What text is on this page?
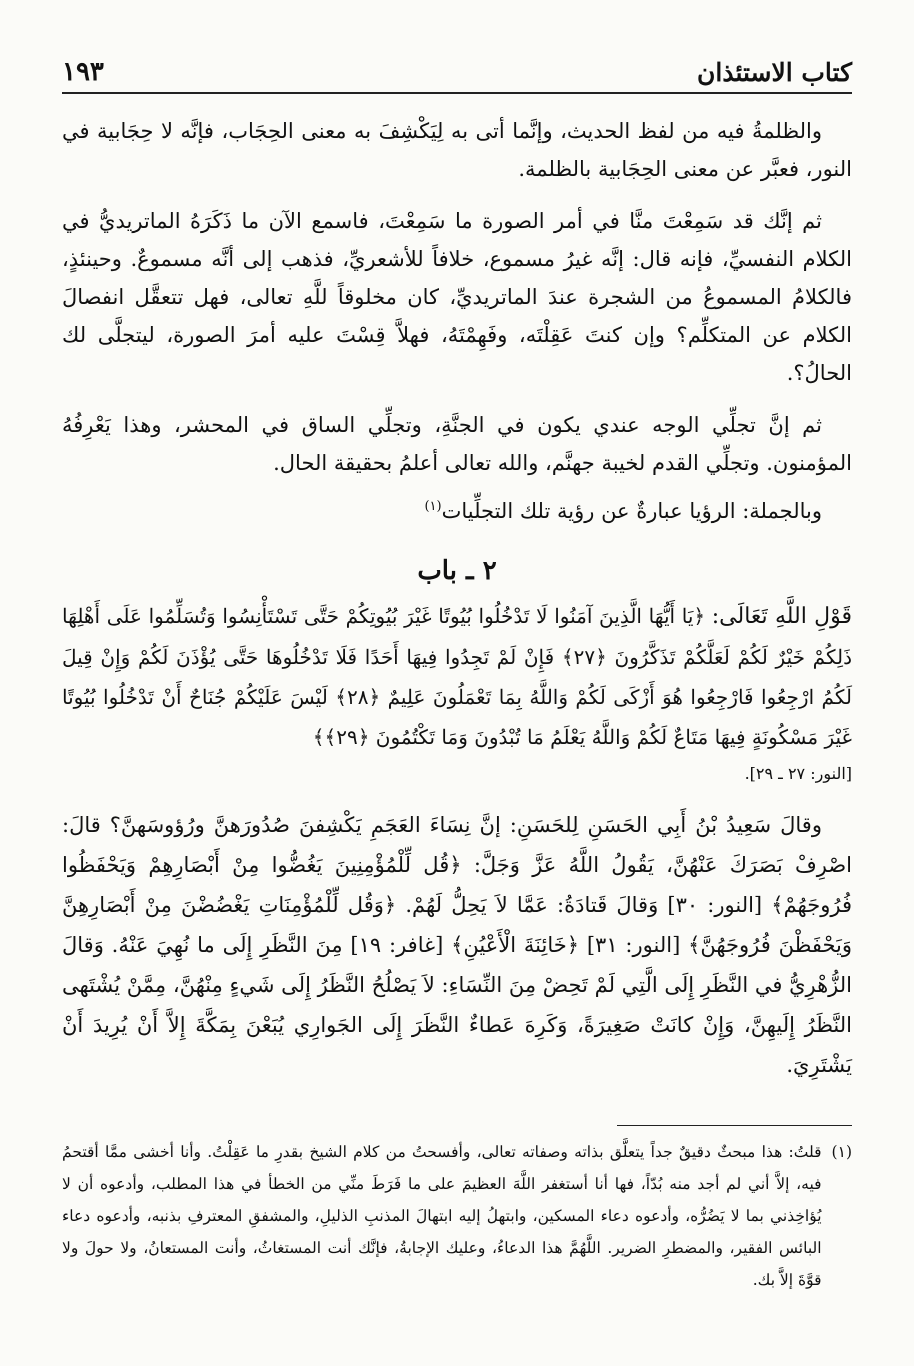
١٩٣	كتاب الاستئذان

والظلمةُ فيه من لفظ الحديث، وإنَّما أتى به لِيَكْشِفَ به معنى الحِجَاب، فإنَّه لا حِجَابية في النور، فعبَّر عن معنى الحِجَابية بالظلمة.

ثم إنَّك قد سَمِعْتَ منَّا في أمر الصورة ما سَمِعْتَ، فاسمع الآن ما ذَكَرَهُ الماتريديُّ في الكلام النفسيِّ، فإنه قال: إنَّه غيرُ مسموع، خلافاً للأشعريِّ، فذهب إلى أنَّه مسموعٌ. وحينئذٍ، فالكلامُ المسموعُ من الشجرة عندَ الماتريديِّ، كان مخلوقاً للَّهِ تعالى، فهل تتعقَّل انفصالَ الكلام عن المتكلِّم؟ وإن كنتَ عَقِلْتَه، وفَهِمْتَهُ، فهلاَّ قِسْتَ عليه أمرَ الصورة، ليتجلَّى لك الحالُ؟.

ثم إنَّ تجلِّي الوجه عندي يكون في الجنَّةِ، وتجلِّي الساق في المحشر، وهذا يَعْرِفُهُ المؤمنون. وتجلِّي القدم لخيبة جهنَّم، والله تعالى أعلمُ بحقيقة الحال.

وبالجملة: الرؤيا عبارةٌ عن رؤية تلك التجلِّيات$^{(١)}$

٢ ـ باب

قَوْلِ اللَّهِ تَعَالَى: ﴿يَا أَيُّهَا الَّذِينَ آمَنُوا لَا تَدْخُلُوا بُيُوتًا غَيْرَ بُيُوتِكُمْ حَتَّى تَسْتَأْنِسُوا وَتُسَلِّمُوا عَلَى أَهْلِهَا ذَلِكُمْ خَيْرٌ لَكُمْ لَعَلَّكُمْ تَذَكَّرُونَ ﴿٢٧﴾ فَإِنْ لَمْ تَجِدُوا فِيهَا أَحَدًا فَلَا تَدْخُلُوهَا حَتَّى يُؤْذَنَ لَكُمْ وَإِنْ قِيلَ لَكُمُ ارْجِعُوا فَارْجِعُوا هُوَ أَزْكَى لَكُمْ وَاللَّهُ بِمَا تَعْمَلُونَ عَلِيمٌ ﴿٢٨﴾ لَيْسَ عَلَيْكُمْ جُنَاحٌ أَنْ تَدْخُلُوا بُيُوتًا غَيْرَ مَسْكُونَةٍ فِيهَا مَتَاعٌ لَكُمْ وَاللَّهُ يَعْلَمُ مَا تُبْدُونَ وَمَا تَكْتُمُونَ ﴿٢٩﴾﴾

[النور: ٢٧ ـ ٢٩].

وقالَ سَعِيدُ بْنُ أَبِي الحَسَنِ لِلحَسَنِ: إنَّ نِسَاءَ العَجَمِ يَكْشِفنَ صُدُورَهنَّ ورُؤوسَهنَّ؟ قالَ: اصْرِفْ بَصَرَكَ عَنْهُنَّ، يَقُولُ اللَّهُ عَزَّ وَجَلَّ: ﴿قُل لِّلْمُؤْمِنِينَ يَغُضُّوا مِنْ أَبْصَارِهِمْ وَيَحْفَظُوا فُرُوجَهُمْ﴾ [النور: ٣٠] وَقالَ قَتادَةُ: عَمَّا لاَ يَحِلُّ لَهُمْ. ﴿وَقُل لِّلْمُؤْمِنَاتِ يَغْضُضْنَ مِنْ أَبْصَارِهِنَّ وَيَحْفَظْنَ فُرُوجَهُنَّ﴾ [النور: ٣١] ﴿خَائِنَةَ الْأَعْيُنِ﴾ [غافر: ١٩] مِنَ النَّظَرِ إِلَى ما نُهِيَ عَنْهُ. وَقالَ الزُّهْرِيُّ في النَّظَرِ إِلَى الَّتِي لَمْ تَحِضْ مِنَ النِّسَاءِ: لاَ يَصْلُحُ النَّظَرُ إِلَى شَيءٍ مِنْهُنَّ، مِمَّنْ يُشْتَهى النَّظَرُ إِلَيهِنَّ، وَإِنْ كانَتْ صَغِيرَةً، وَكَرِهَ عَطاءٌ النَّظَرَ إِلَى الجَوارِي يُبَعْنَ بِمَكَّةَ إِلاَّ أَنْ يُرِيدَ أَنْ يَشْتَرِيَ.

(١)
قلتُ: هذا مبحثٌ دقيقٌ جداً يتعلَّق بذاته وصفاته تعالى، وأفسحتُ من كلام الشيخ بقدرِ ما عَقِلْتُ. وأنا أخشى ممَّا أقتحمُ فيه، إلاَّ أني لم أجد منه بُدّاً، فها أنا أستغفر اللَّهَ العظيمَ على ما فَرَطَ منِّي من الخطأ في هذا المطلب، وأدعوه أن لا يُؤاخِذني بما لا يَضُرُّه، وأدعوه دعاء المسكين، وابتهلُ إليه ابتهالَ المذنبِ الذليلِ، والمشفقِ المعترفِ بذنبه، وأدعوه دعاء البائس الفقير، والمضطرِ الضرير. اللَّهُمَّ هذا الدعاءُ، وعليك الإجابةُ، فإنَّك أنت المستغاثُ، وأنت المستعانُ، ولا حولَ ولا قوَّةَ إلاَّ بك.
